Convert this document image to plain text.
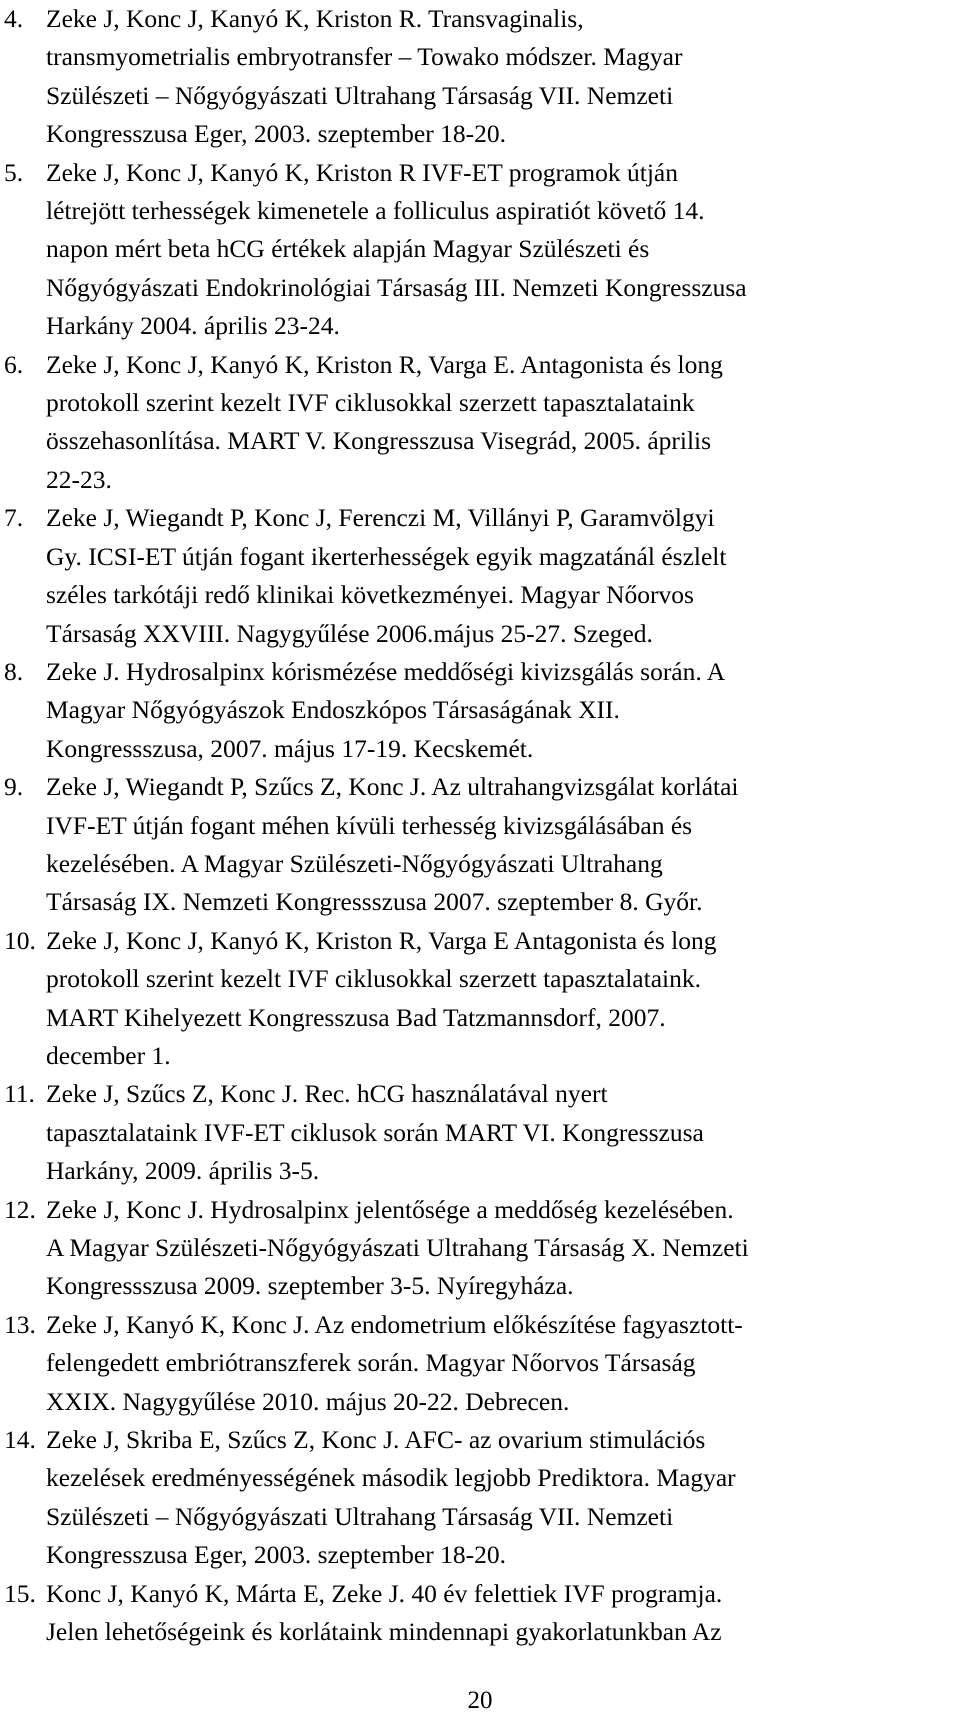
4. Zeke J, Konc J, Kanyó K, Kriston R. Transvaginalis,
transmyometrialis embryotransfer – Towako módszer. Magyar
Szülészeti – Nőgyógyászati Ultrahang Társaság VII. Nemzeti
Kongresszusa Eger, 2003. szeptember 18-20.
5. Zeke J, Konc J, Kanyó K, Kriston R IVF-ET programok útján
létrejött terhességek kimenetele a folliculus aspiratiót követő 14.
napon mért beta hCG értékek alapján Magyar Szülészeti és
Nőgyógyászati Endokrinológiai Társaság III. Nemzeti Kongresszusa
Harkány 2004. április 23-24.
6. Zeke J, Konc J, Kanyó K, Kriston R, Varga E. Antagonista és long
protokoll szerint kezelt IVF ciklusokkal szerzett tapasztalataink
összehasonlítása. MART V. Kongresszusa Visegrád, 2005. április
22-23.
7. Zeke J, Wiegandt P, Konc J, Ferenczi M, Villányi P, Garamvölgyi
Gy. ICSI-ET útján fogant ikerterhességek egyik magzatánál észlelt
széles tarkótáji redő klinikai következményei. Magyar Nőorvos
Társaság XXVIII. Nagygyűlése 2006.május 25-27. Szeged.
8. Zeke J. Hydrosalpinx kórismézése meddőségi kivizsgálás során. A
Magyar Nőgyógyászok Endoszkópos Társaságának XII.
Kongressszusa, 2007. május 17-19. Kecskemét.
9. Zeke J, Wiegandt P, Szűcs Z, Konc J. Az ultrahangvizsgálat korlátai
IVF-ET útján fogant méhen kívüli terhesség kivizsgálásában és
kezelésében. A Magyar Szülészeti-Nőgyógyászati Ultrahang
Társaság IX. Nemzeti Kongressszusa 2007. szeptember 8. Győr.
10. Zeke J, Konc J, Kanyó K, Kriston R, Varga E Antagonista és long
protokoll szerint kezelt IVF ciklusokkal szerzett tapasztalataink.
MART Kihelyezett Kongresszusa Bad Tatzmannsdorf, 2007.
december 1.
11. Zeke J, Szűcs Z, Konc J. Rec. hCG használatával nyert
tapasztalataink IVF-ET ciklusok során MART VI. Kongresszusa
Harkány, 2009. április 3-5.
12. Zeke J, Konc J. Hydrosalpinx jelentősége a meddőség kezelésében.
A Magyar Szülészeti-Nőgyógyászati Ultrahang Társaság X. Nemzeti
Kongressszusa 2009. szeptember 3-5. Nyíregyháza.
13. Zeke J, Kanyó K, Konc J. Az endometrium előkészítése fagyasztott-
felengedett embriótranszferek során. Magyar Nőorvos Társaság
XXIX. Nagygyűlése 2010. május 20-22. Debrecen.
14. Zeke J, Skriba E, Szűcs Z, Konc J. AFC- az ovarium stimulációs
kezelések eredményességének második legjobb Prediktora. Magyar
Szülészeti – Nőgyógyászati Ultrahang Társaság VII. Nemzeti
Kongresszusa Eger, 2003. szeptember 18-20.
15. Konc J, Kanyó K, Márta E, Zeke J. 40 év felettiek IVF programja.
Jelen lehetőségeink és korlátaink mindennapi gyakorlatunkban Az
20
